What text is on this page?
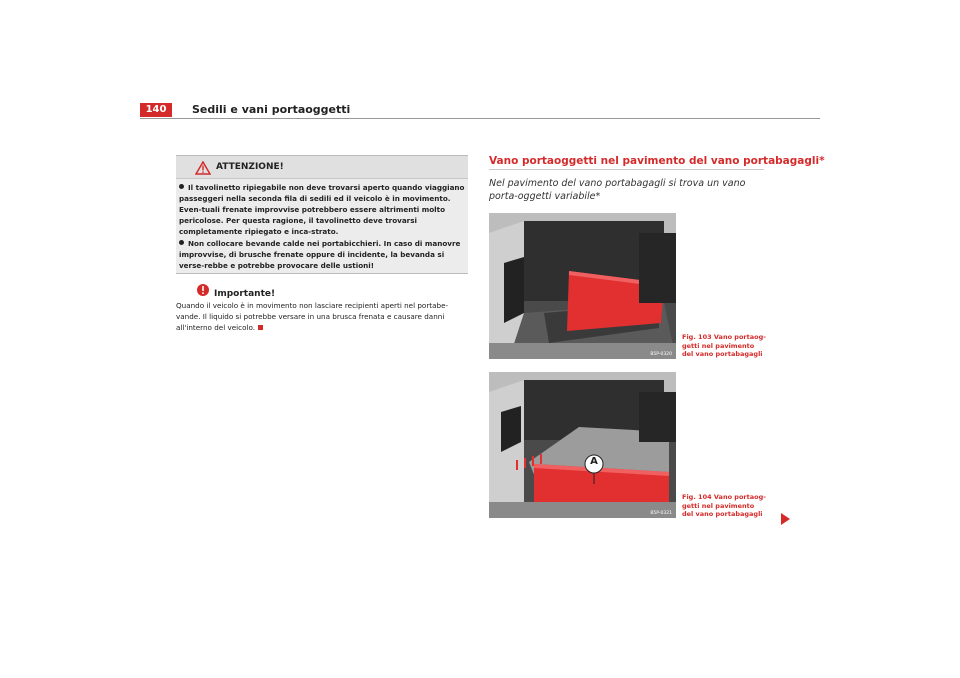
140	Sedili e vani portaoggetti
ATTENZIONE!
Il tavolinetto ripiegabile non deve trovarsi aperto quando viaggiano passeggeri nella seconda fila di sedili ed il veicolo è in movimento. Even-tuali frenate improvvise potrebbero essere altrimenti molto pericolose. Per questa ragione, il tavolinetto deve trovarsi completamente ripiegato e inca-strato.
Non collocare bevande calde nei portabicchieri. In caso di manovre improvvise, di brusche frenate oppure di incidente, la bevanda si verse-rebbe e potrebbe provocare delle ustioni!
Importante!
Quando il veicolo è in movimento non lasciare recipienti aperti nel portabe-vande. Il liquido si potrebbe versare in una brusca frenata e causare danni all'interno del veicolo.
Vano portaoggetti nel pavimento del vano portabagagli*
Nel pavimento del vano portabagagli si trova un vano porta-oggetti variabile*
B5P-0320
Fig. 103 Vano portaog-getti nel pavimento del vano portabagagli
A
B5P-0321
Fig. 104 Vano portaog-getti nel pavimento del vano portabagagli
